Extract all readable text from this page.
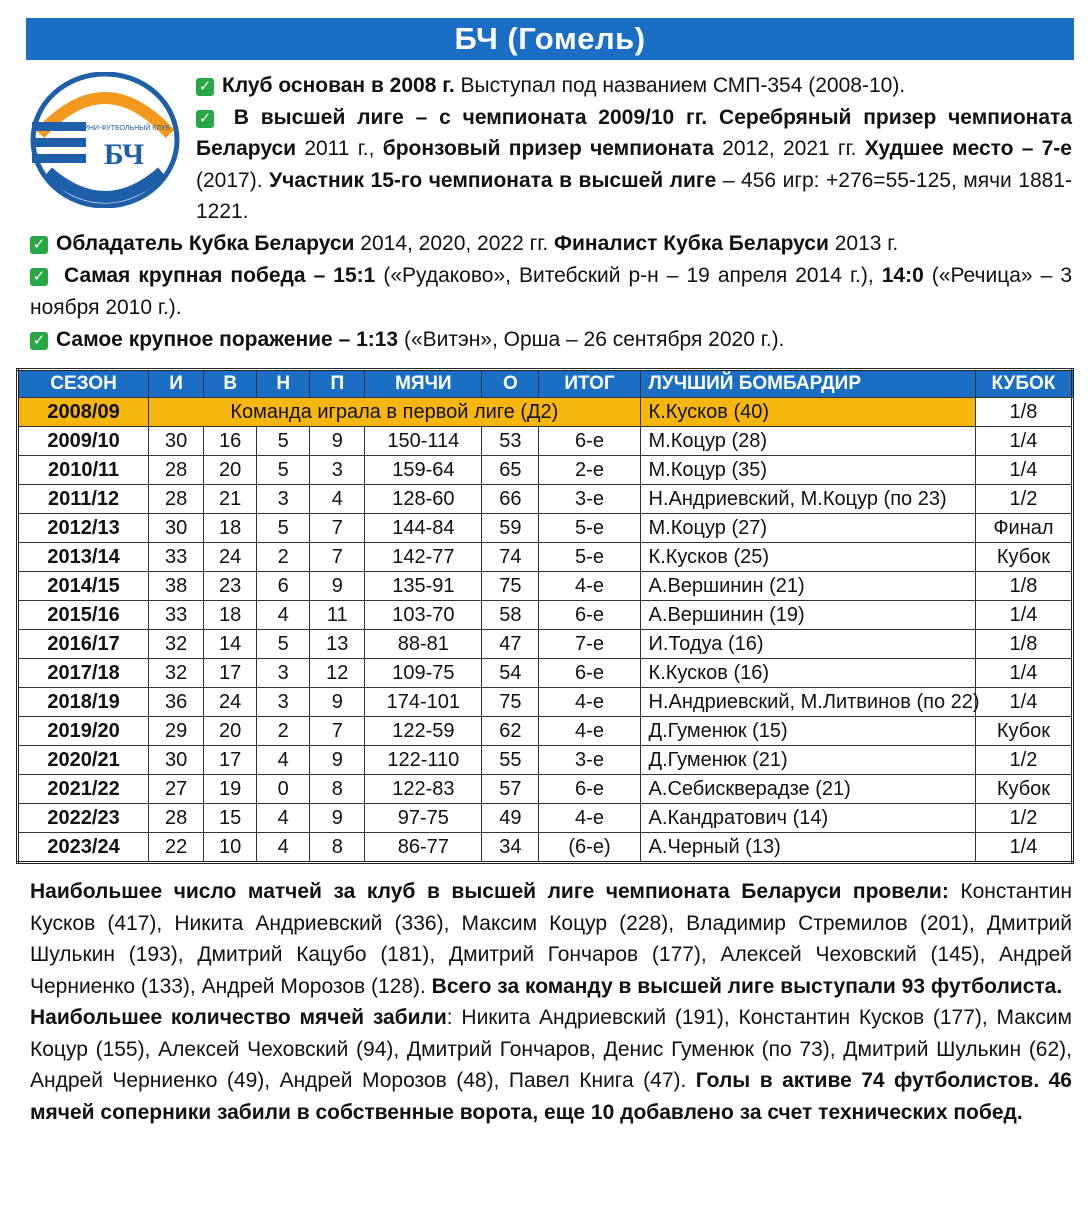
БЧ (Гомель)
МИНИ-ФУТБОЛЬНЫЙ КЛУБ
БЧ

✓ Клуб основан в 2008 г. Выступал под названием СМП-354 (2008-10).

✓ В высшей лиге – с чемпионата 2009/10 гг. Серебряный призер чемпионата Беларуси 2011 г., бронзовый призер чемпионата 2012, 2021 гг. Худшее место – 7-е (2017). Участник 15-го чемпионата в высшей лиге – 456 игр: +276=55-125, мячи 1881-1221.

✓ Обладатель Кубка Беларуси 2014, 2020, 2022 гг. Финалист Кубка Беларуси 2013 г.

✓ Самая крупная победа – 15:1 («Рудаково», Витебский р-н – 19 апреля 2014 г.), 14:0 («Речица» – 3 ноября 2010 г.).

✓ Самое крупное поражение – 1:13 («Витэн», Орша – 26 сентября 2020 г.).

СЕЗОН	И	В	Н	П	МЯЧИ	О	ИТОГ	ЛУЧШИЙ БОМБАРДИР	КУБОК
2008/09	Команда играла в первой лиге (Д2)							К.Кусков (40)	1/8
2009/10	30	16	5	9	150-114	53	6-е	М.Коцур (28)	1/4
2010/11	28	20	5	3	159-64	65	2-е	М.Коцур (35)	1/4
2011/12	28	21	3	4	128-60	66	3-е	Н.Андриевский, М.Коцур (по 23)	1/2
2012/13	30	18	5	7	144-84	59	5-е	М.Коцур (27)	Финал
2013/14	33	24	2	7	142-77	74	5-е	К.Кусков (25)	Кубок
2014/15	38	23	6	9	135-91	75	4-е	А.Вершинин (21)	1/8
2015/16	33	18	4	11	103-70	58	6-е	А.Вершинин (19)	1/4
2016/17	32	14	5	13	88-81	47	7-е	И.Тодуа (16)	1/8
2017/18	32	17	3	12	109-75	54	6-е	К.Кусков (16)	1/4
2018/19	36	24	3	9	174-101	75	4-е	Н.Андриевский, М.Литвинов (по 22)	1/4
2019/20	29	20	2	7	122-59	62	4-е	Д.Гуменюк (15)	Кубок
2020/21	30	17	4	9	122-110	55	3-е	Д.Гуменюк (21)	1/2
2021/22	27	19	0	8	122-83	57	6-е	А.Себискверадзе (21)	Кубок
2022/23	28	15	4	9	97-75	49	4-е	А.Кандратович (14)	1/2
2023/24	22	10	4	8	86-77	34	(6-е)	А.Черный (13)	1/4

Наибольшее число матчей за клуб в высшей лиге чемпионата Беларуси провели: Константин Кусков (417), Никита Андриевский (336), Максим Коцур (228), Владимир Стремилов (201), Дмитрий Шулькин (193), Дмитрий Кацубо (181), Дмитрий Гончаров (177), Алексей Чеховский (145), Андрей Черниенко (133), Андрей Морозов (128). Всего за команду в высшей лиге выступали 93 футболиста.

Наибольшее количество мячей забили: Никита Андриевский (191), Константин Кусков (177), Максим Коцур (155), Алексей Чеховский (94), Дмитрий Гончаров, Денис Гуменюк (по 73), Дмитрий Шулькин (62), Андрей Черниенко (49), Андрей Морозов (48), Павел Книга (47). Голы в активе 74 футболистов. 46 мячей соперники забили в собственные ворота, еще 10 добавлено за счет технических побед.
